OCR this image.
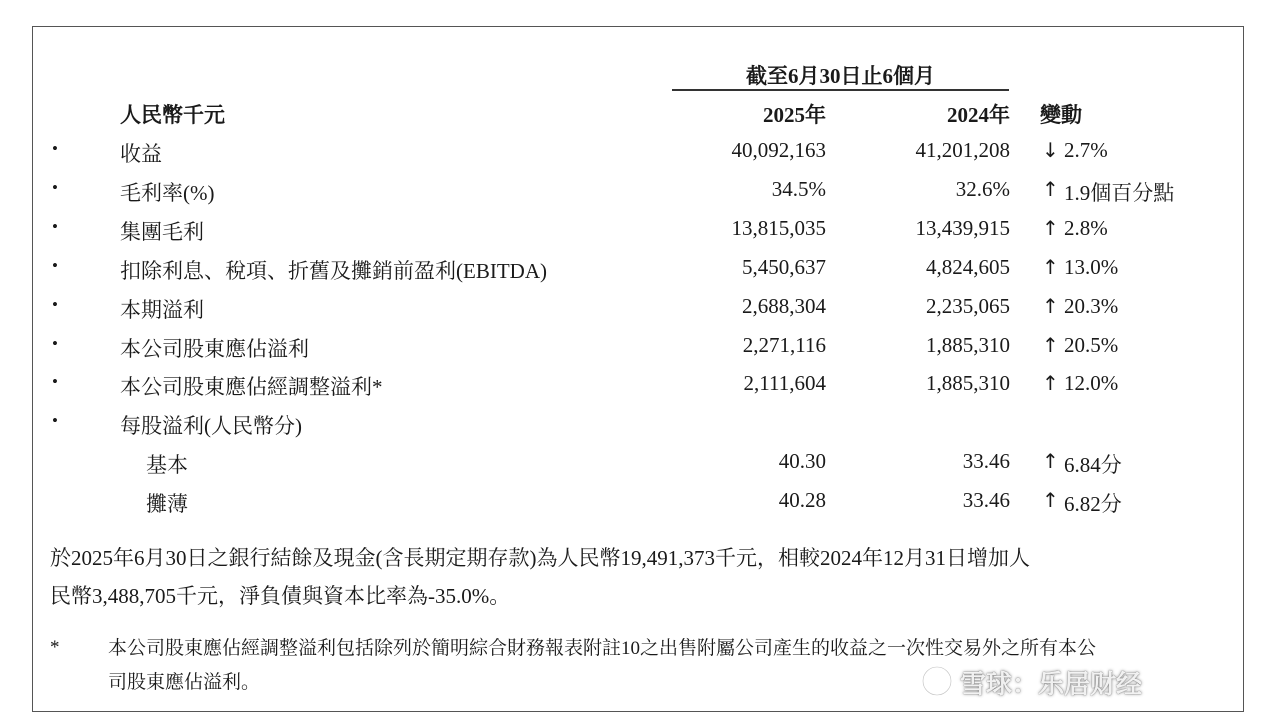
截至6月30日止6個月
人民幣千元	2025年	2024年 變動
•	收益	40,092,163	41,201,208 ↓ 2.7%
•	毛利率(%)	34.5%	32.6% ↑ 1.9個百分點
•	集團毛利	13,815,035	13,439,915 ↑ 2.8%
•	扣除利息、稅項、折舊及攤銷前盈利(EBITDA)	5,450,637	4,824,605 ↑ 13.0%
•	本期溢利	2,688,304	2,235,065 ↑ 20.3%
•	本公司股東應佔溢利	2,271,116	1,885,310 ↑ 20.5%
•	本公司股東應佔經調整溢利*	2,111,604	1,885,310 ↑ 12.0%
•	每股溢利(人民幣分)
基本	40.30	33.46 ↑ 6.84分
攤薄	40.28	33.46 ↑ 6.82分
於2025年6月30日之銀行結餘及現金(含長期定期存款)為人民幣19,491,373千元，相較2024年12月31日增加人
民幣3,488,705千元，淨負債與資本比率為-35.0%。
*	本公司股東應佔經調整溢利包括除列於簡明綜合財務報表附註10之出售附屬公司產生的收益之一次性交易外之所有本公
司股東應佔溢利。	雪球：乐居财经
